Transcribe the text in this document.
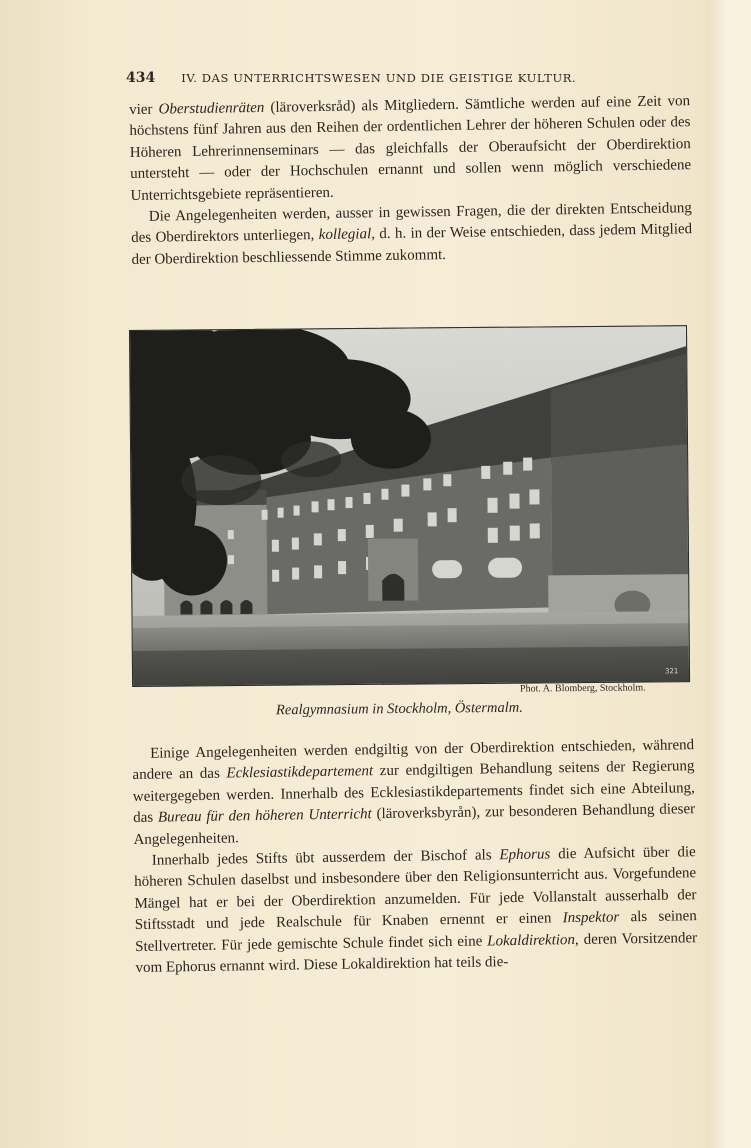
434 IV. DAS UNTERRICHTSWESEN UND DIE GEISTIGE KULTUR.

vier Oberstudienräten (läroverksråd) als Mitgliedern. Sämtliche werden auf eine Zeit von höchstens fünf Jahren aus den Reihen der ordentlichen Lehrer der höheren Schulen oder des Höheren Lehrerinnenseminars — das gleichfalls der Oberaufsicht der Oberdirektion untersteht — oder der Hochschulen ernannt und sollen wenn möglich verschiedene Unterrichtsgebiete repräsentieren.

Die Angelegenheiten werden, ausser in gewissen Fragen, die der direkten Entscheidung des Oberdirektors unterliegen, kollegial, d. h. in der Weise entschieden, dass jedem Mitglied der Oberdirektion beschliessende Stimme zukommt.

321
Phot. A. Blomberg, Stockholm.
Realgymnasium in Stockholm, Östermalm.

Einige Angelegenheiten werden endgiltig von der Oberdirektion entschieden, während andere an das Ecklesiastikdepartement zur endgiltigen Behandlung seitens der Regierung weitergegeben werden. Innerhalb des Ecklesiastikdepartements findet sich eine Abteilung, das Bureau für den höheren Unterricht (läroverksbyrån), zur besonderen Behandlung dieser Angelegenheiten.

Innerhalb jedes Stifts übt ausserdem der Bischof als Ephorus die Aufsicht über die höheren Schulen daselbst und insbesondere über den Religionsunterricht aus. Vorgefundene Mängel hat er bei der Oberdirektion anzumelden. Für jede Vollanstalt ausserhalb der Stiftsstadt und jede Realschule für Knaben ernennt er einen Inspektor als seinen Stellvertreter. Für jede gemischte Schule findet sich eine Lokaldirektion, deren Vorsitzender vom Ephorus ernannt wird. Diese Lokaldirektion hat teils die-
